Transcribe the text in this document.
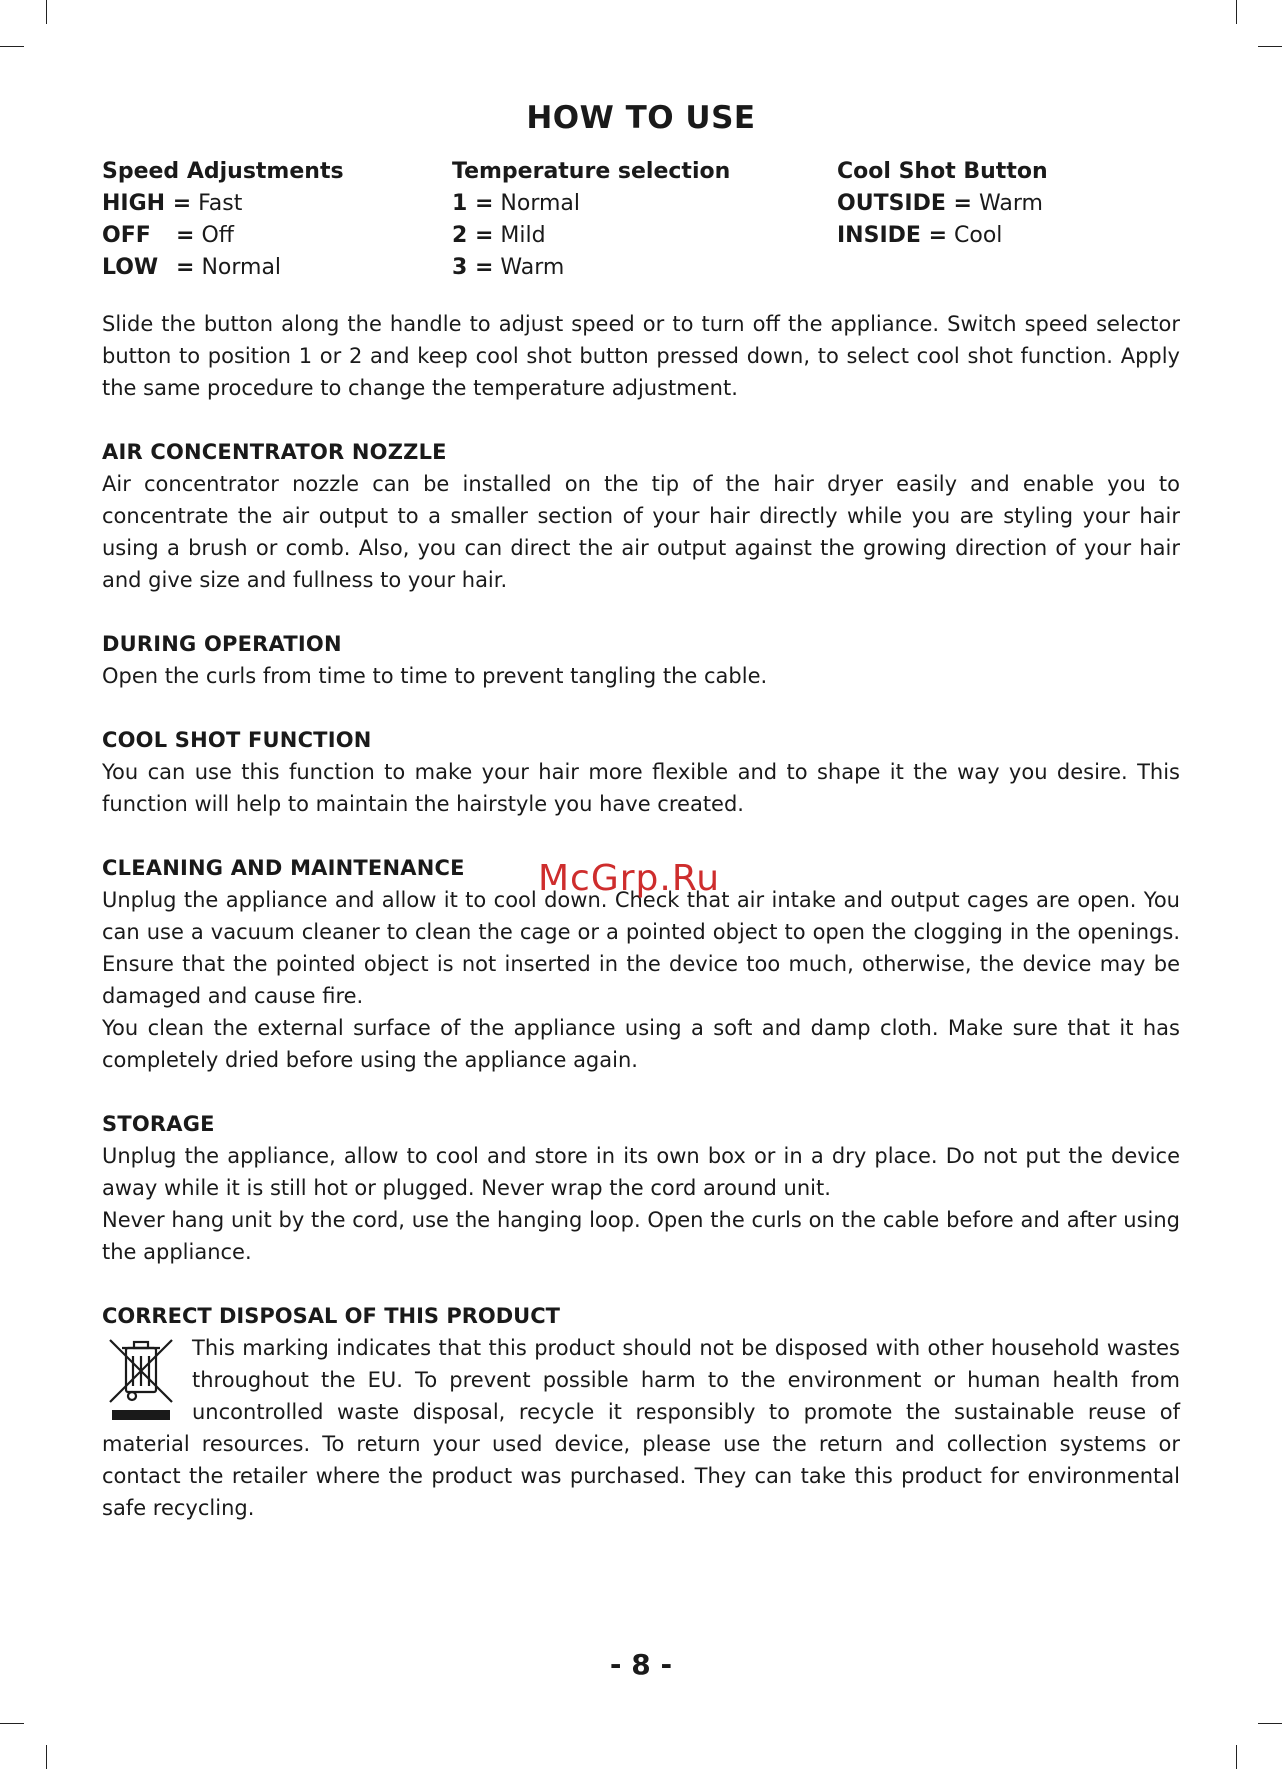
HOW TO USE
Speed Adjustments
HIGH = Fast
OFF = Off
LOW = Normal
Temperature selection
1 = Normal
2 = Mild
3 = Warm
Cool Shot Button
OUTSIDE = Warm
INSIDE = Cool

Slide the button along the handle to adjust speed or to turn off the appliance. Switch speed selector button to position 1 or 2 and keep cool shot button pressed down, to select cool shot function. Apply the same procedure to change the temperature adjustment.

AIR CONCENTRATOR NOZZLE

Air concentrator nozzle can be installed on the tip of the hair dryer easily and enable you to concentrate the air output to a smaller section of your hair directly while you are styling your hair using a brush or comb. Also, you can direct the air output against the growing direction of your hair and give size and fullness to your hair.

DURING OPERATION

Open the curls from time to time to prevent tangling the cable.

COOL SHOT FUNCTION

You can use this function to make your hair more flexible and to shape it the way you desire. This function will help to maintain the hairstyle you have created.

CLEANING AND MAINTENANCE

Unplug the appliance and allow it to cool down. Check that air intake and output cages are open. You can use a vacuum cleaner to clean the cage or a pointed object to open the clogging in the openings. Ensure that the pointed object is not inserted in the device too much, otherwise, the device may be damaged and cause fire.

You clean the external surface of the appliance using a soft and damp cloth. Make sure that it has completely dried before using the appliance again.

STORAGE

Unplug the appliance, allow to cool and store in its own box or in a dry place. Do not put the device away while it is still hot or plugged. Never wrap the cord around unit.

Never hang unit by the cord, use the hanging loop. Open the curls on the cable before and after using the appliance.

CORRECT DISPOSAL OF THIS PRODUCT

This marking indicates that this product should not be disposed with other household wastes throughout the EU. To prevent possible harm to the environment or human health from uncontrolled waste disposal, recycle it responsibly to promote the sustainable reuse of material resources. To return your used device, please use the return and collection systems or contact the retailer where the product was purchased. They can take this product for environmental safe recycling.

McGrp.Ru
- 8 -
